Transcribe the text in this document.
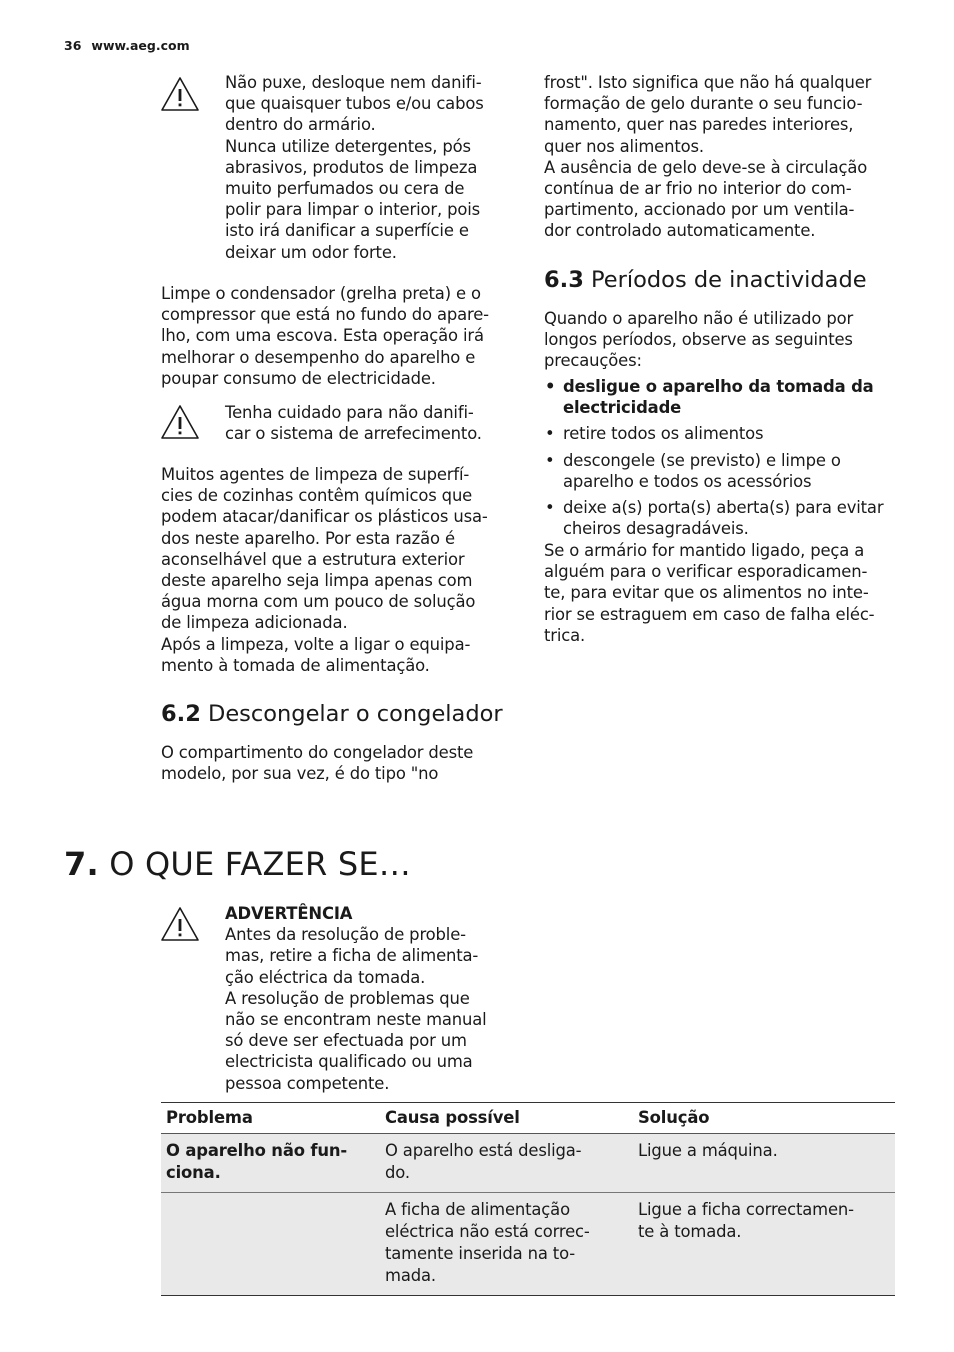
36 www.aeg.com
Não puxe, desloque nem danifi-
que quaisquer tubos e/ou cabos
dentro do armário.
Nunca utilize detergentes, pós
abrasivos, produtos de limpeza
muito perfumados ou cera de
polir para limpar o interior, pois
isto irá danificar a superfície e
deixar um odor forte.
Limpe o condensador (grelha preta) e o
compressor que está no fundo do apare-
lho, com uma escova. Esta operação irá
melhorar o desempenho do aparelho e
poupar consumo de electricidade.
Tenha cuidado para não danifi-
car o sistema de arrefecimento.
Muitos agentes de limpeza de superfí-
cies de cozinhas contêm químicos que
podem atacar/danificar os plásticos usa-
dos neste aparelho. Por esta razão é
aconselhável que a estrutura exterior
deste aparelho seja limpa apenas com
água morna com um pouco de solução
de limpeza adicionada.
Após a limpeza, volte a ligar o equipa-
mento à tomada de alimentação.
6.2 Descongelar o congelador
O compartimento do congelador deste
modelo, por sua vez, é do tipo "no
frost". Isto significa que não há qualquer
formação de gelo durante o seu funcio-
namento, quer nas paredes interiores,
quer nos alimentos.
A ausência de gelo deve-se à circulação
contínua de ar frio no interior do com-
partimento, accionado por um ventila-
dor controlado automaticamente.
6.3 Períodos de inactividade
Quando o aparelho não é utilizado por
longos períodos, observe as seguintes
precauções:
• desligue o aparelho da tomada da
electricidade
• retire todos os alimentos
• descongele (se previsto) e limpe o
aparelho e todos os acessórios
• deixe a(s) porta(s) aberta(s) para evitar
cheiros desagradáveis.
Se o armário for mantido ligado, peça a
alguém para o verificar esporadicamen-
te, para evitar que os alimentos no inte-
rior se estraguem em caso de falha eléc-
trica.
7. O QUE FAZER SE…
ADVERTÊNCIA
Antes da resolução de proble-
mas, retire a ficha de alimenta-
ção eléctrica da tomada.
A resolução de problemas que
não se encontram neste manual
só deve ser efectuada por um
electricista qualificado ou uma
pessoa competente.
Problema	Causa possível	Solução
O aparelho não fun-
ciona.	O aparelho está desliga-
do.	Ligue a máquina.
	A ficha de alimentação
eléctrica não está correc-
tamente inserida na to-
mada.	Ligue a ficha correctamen-
te à tomada.
